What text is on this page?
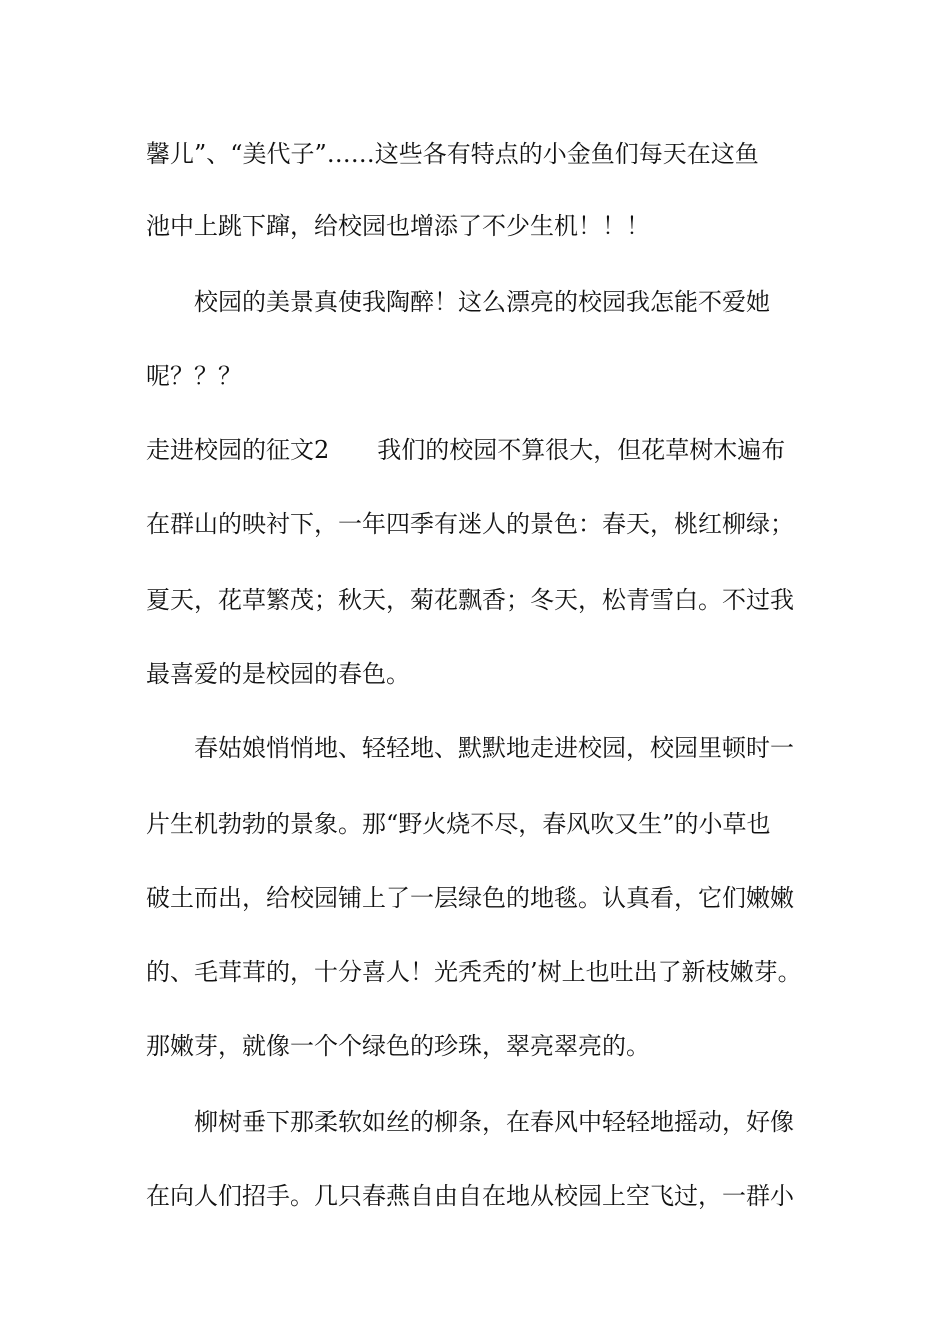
馨儿”、“美代子”……这些各有特点的小金鱼们每天在这鱼
池中上跳下蹿，给校园也增添了不少生机！！！
校园的美景真使我陶醉！这么漂亮的校园我怎能不爱她
呢？？？
走进校园的征文2　　我们的校园不算很大，但花草树木遍布
在群山的映衬下，一年四季有迷人的景色：春天，桃红柳绿；
夏天，花草繁茂；秋天，菊花飘香；冬天，松青雪白。不过我
最喜爱的是校园的春色。
春姑娘悄悄地、轻轻地、默默地走进校园，校园里顿时一
片生机勃勃的景象。那“野火烧不尽，春风吹又生”的小草也
破土而出，给校园铺上了一层绿色的地毯。认真看，它们嫩嫩
的、毛茸茸的，十分喜人！光秃秃的’树上也吐出了新枝嫩芽。
那嫩芽，就像一个个绿色的珍珠，翠亮翠亮的。
柳树垂下那柔软如丝的柳条，在春风中轻轻地摇动，好像
在向人们招手。几只春燕自由自在地从校园上空飞过，一群小
